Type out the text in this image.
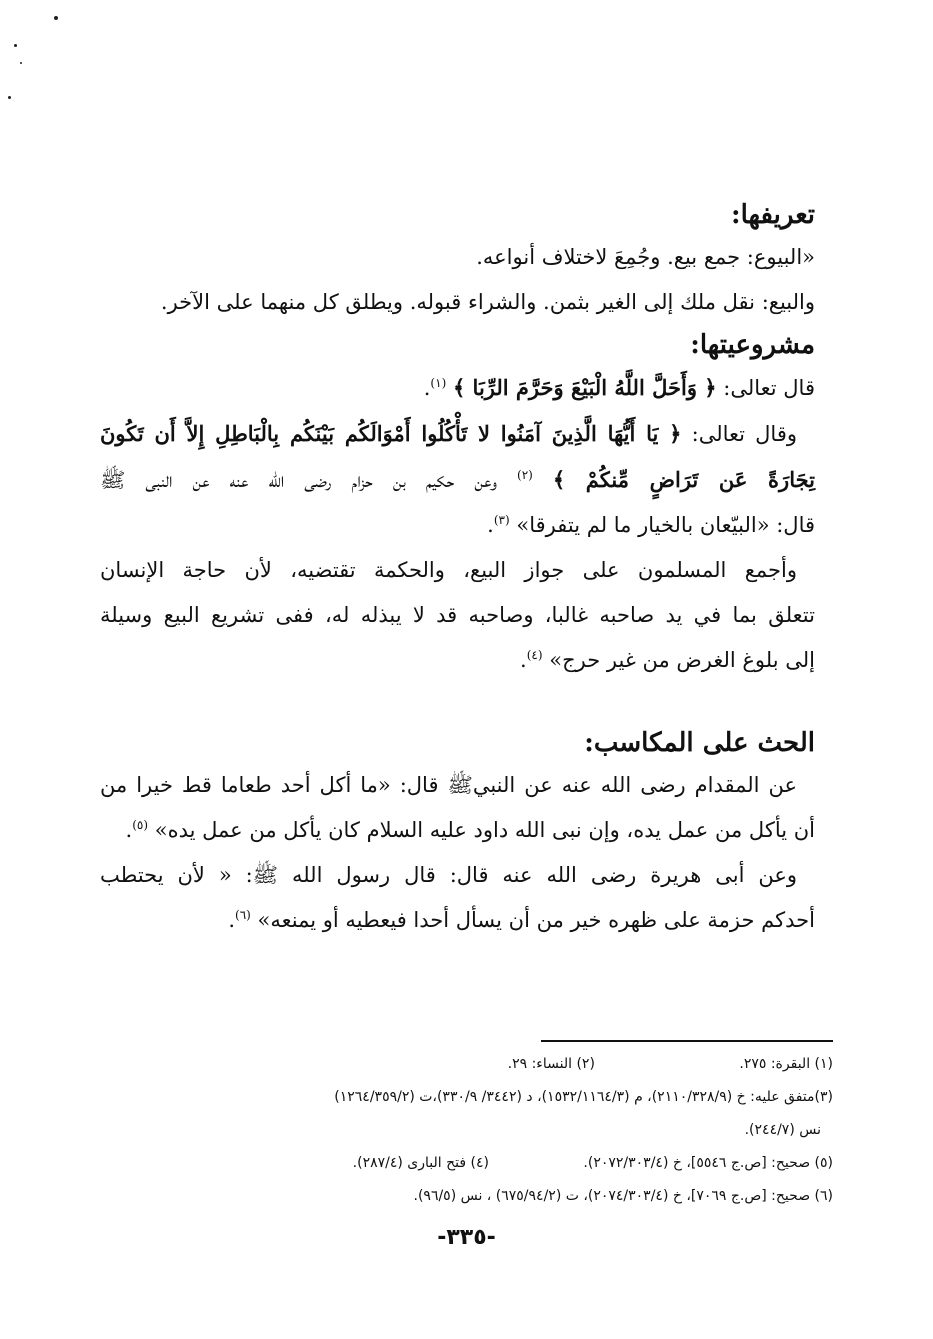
تعريفها:

«البيوع: جمع بيع. وجُمِعَ لاختلاف أنواعه.

والبيع: نقل ملك إلى الغير بثمن. والشراء قبوله. ويطلق كل منهما على الآخر.

مشروعيتها:

قال تعالى: ﴿ وَأَحَلَّ اللَّهُ الْبَيْعَ وَحَرَّمَ الرِّبَا ﴾ $^{(١)}$.

وقال تعالى: ﴿ يَا أَيُّهَا الَّذِينَ آمَنُوا لا تَأْكُلُوا أَمْوَالَكُم بَيْنَكُم بِالْبَاطِلِ إِلاَّ أَن تَكُونَ

تِجَارَةً عَن تَرَاضٍ مِّنكُمْ ﴾ $^{(٢)}$ وعن حكيم بن حزام رضى الله عنه عن النبى ﷺ

قال: «البيّعان بالخيار ما لم يتفرقا» $^{(٣)}$.

وأجمع المسلمون على جواز البيع، والحكمة تقتضيه، لأن حاجة الإنسان

تتعلق بما في يد صاحبه غالبا، وصاحبه قد لا يبذله له، ففى تشريع البيع وسيلة

إلى بلوغ الغرض من غير حرج» $^{(٤)}$.

الحث على المكاسب:

عن المقدام رضى الله عنه عن النبيﷺ قال: «ما أكل أحد طعاما قط خيرا من

أن يأكل من عمل يده، وإن نبى الله داود عليه السلام كان يأكل من عمل يده» $^{(٥)}$.

وعن أبى هريرة رضى الله عنه قال: قال رسول الله ﷺ: « لأن يحتطب

أحدكم حزمة على ظهره خير من أن يسأل أحدا فيعطيه أو يمنعه» $^{(٦)}$.

(١) البقرة: ٢٧٥. (٢) النساء: ٢٩.

(٣)متفق عليه: خ (٢١١٠/٣٢٨/٩)، م (١٥٣٢/١١٦٤/٣)، د (٣٤٤٢/ ٣٣٠/٩)،ت (١٢٦٤/٣٥٩/٢)

نس (٢٤٤/٧).

(٥) صحيح: [ص.ج ٥٥٤٦]، خ (٢٠٧٢/٣٠٣/٤). (٤) فتح البارى (٢٨٧/٤).

(٦) صحيح: [ص.ج ٧٠٦٩]، خ (٢٠٧٤/٣٠٣/٤)، ت (٦٧٥/٩٤/٢) ، نس (٩٦/٥).

-٣٣٥-
